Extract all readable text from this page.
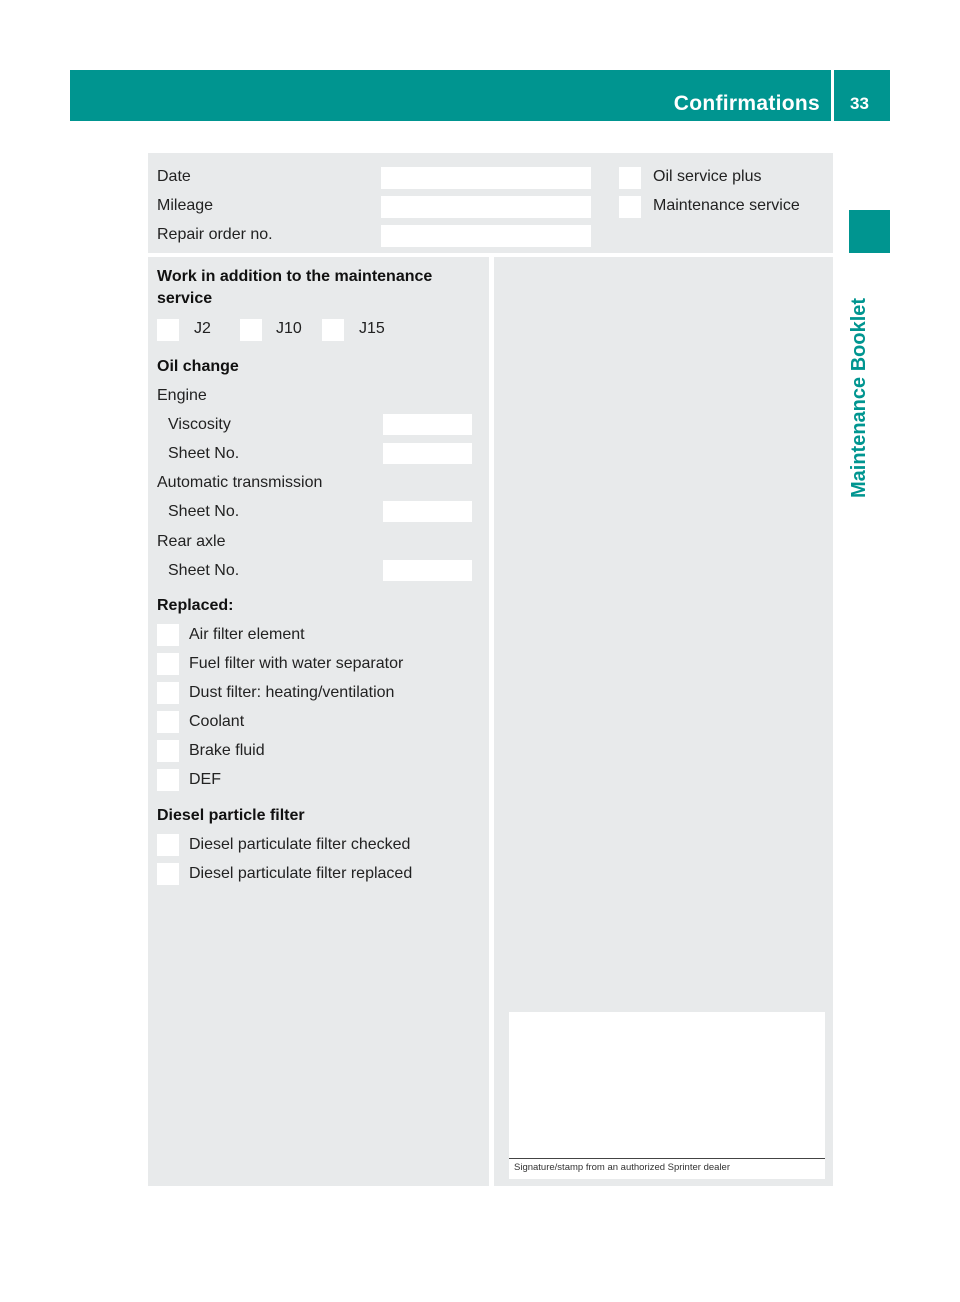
Confirmations 33
Maintenance Booklet
Date
Mileage
Repair order no.
Oil service plus
Maintenance service
Work in addition to the maintenance service
J2	J10	J15
Oil change
Engine
Viscosity
Sheet No.
Automatic transmission
Sheet No.
Rear axle
Sheet No.
Replaced:
Air filter element
Fuel filter with water separator
Dust filter: heating/ventilation
Coolant
Brake fluid
DEF
Diesel particle filter
Diesel particulate filter checked
Diesel particulate filter replaced
Signature/stamp from an authorized Sprinter dealer
